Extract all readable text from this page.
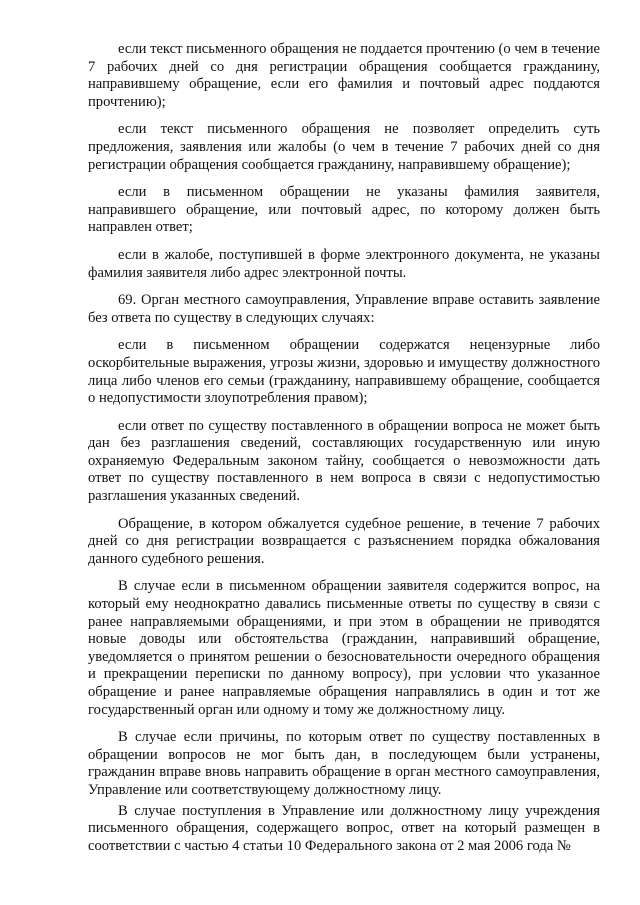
если текст письменного обращения не поддается прочтению (о чем в течение 7 рабочих дней со дня регистрации обращения сообщается гражданину, направившему обращение, если его фамилия и почтовый адрес поддаются прочтению);

если текст письменного обращения не позволяет определить суть предложения, заявления или жалобы (о чем в течение 7 рабочих дней со дня регистрации обращения сообщается гражданину, направившему обращение);

если в письменном обращении не указаны фамилия заявителя, направившего обращение, или почтовый адрес, по которому должен быть направлен ответ;

если в жалобе, поступившей в форме электронного документа, не указаны фамилия заявителя либо адрес электронной почты.

69. Орган местного самоуправления, Управление вправе оставить заявление без ответа по существу в следующих случаях:

если в письменном обращении содержатся нецензурные либо оскорбительные выражения, угрозы жизни, здоровью и имуществу должностного лица либо членов его семьи (гражданину, направившему обращение, сообщается о недопустимости злоупотребления правом);

если ответ по существу поставленного в обращении вопроса не может быть дан без разглашения сведений, составляющих государственную или иную охраняемую Федеральным законом тайну, сообщается о невозможности дать ответ по существу поставленного в нем вопроса в связи с недопустимостью разглашения указанных сведений.

Обращение, в котором обжалуется судебное решение, в течение 7 рабочих дней со дня регистрации возвращается с разъяснением порядка обжалования данного судебного решения.

В случае если в письменном обращении заявителя содержится вопрос, на который ему неоднократно давались письменные ответы по существу в связи с ранее направляемыми обращениями, и при этом в обращении не приводятся новые доводы или обстоятельства (гражданин, направивший обращение, уведомляется о принятом решении о безосновательности очередного обращения и прекращении переписки по данному вопросу), при условии что указанное обращение и ранее направляемые обращения направлялись в один и тот же государственный орган или одному и тому же должностному лицу.

В случае если причины, по которым ответ по существу поставленных в обращении вопросов не мог быть дан, в последующем были устранены, гражданин вправе вновь направить обращение в орган местного самоуправления, Управление или соответствующему должностному лицу.

В случае поступления в Управление или должностному лицу учреждения письменного обращения, содержащего вопрос, ответ на который размещен в соответствии с частью 4 статьи 10 Федерального закона от 2 мая 2006 года №
